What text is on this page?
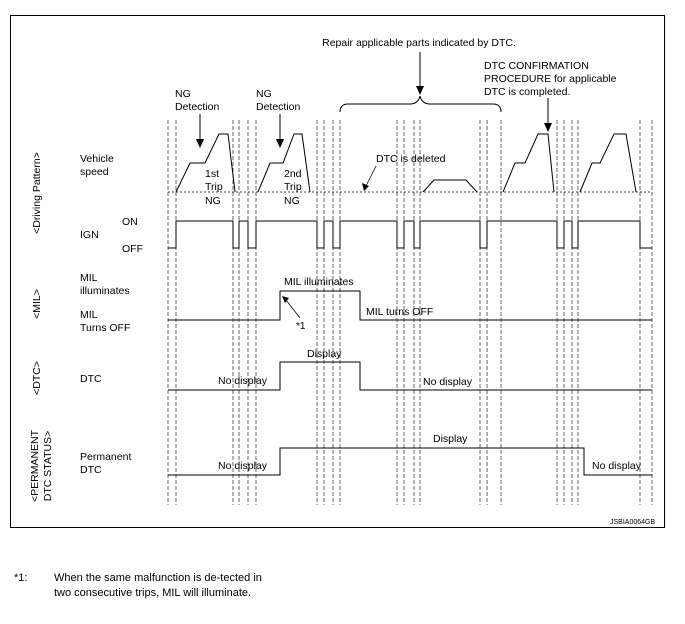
Repair applicable parts indicated by DTC.
DTC CONFIRMATION
PROCEDURE for applicable
DTC is completed.
NG
Detection
NG
Detection
1st
Trip
NG
2nd
Trip
NG
DTC is deleted
MIL illuminates
MIL turns OFF
*1
Display
No display	No display
Display
No display	No display
Vehicle
speed
IGN
ON
OFF
MIL
illuminates
MIL
Turns OFF
DTC
Permanent
DTC
<Driving Pattern>
<MIL>
<DTC>
<PERMANENT DTC STATUS>
JSBIA0064GB
*1: When the same malfunction is de-tected in two consecutive trips, MIL will illuminate.
